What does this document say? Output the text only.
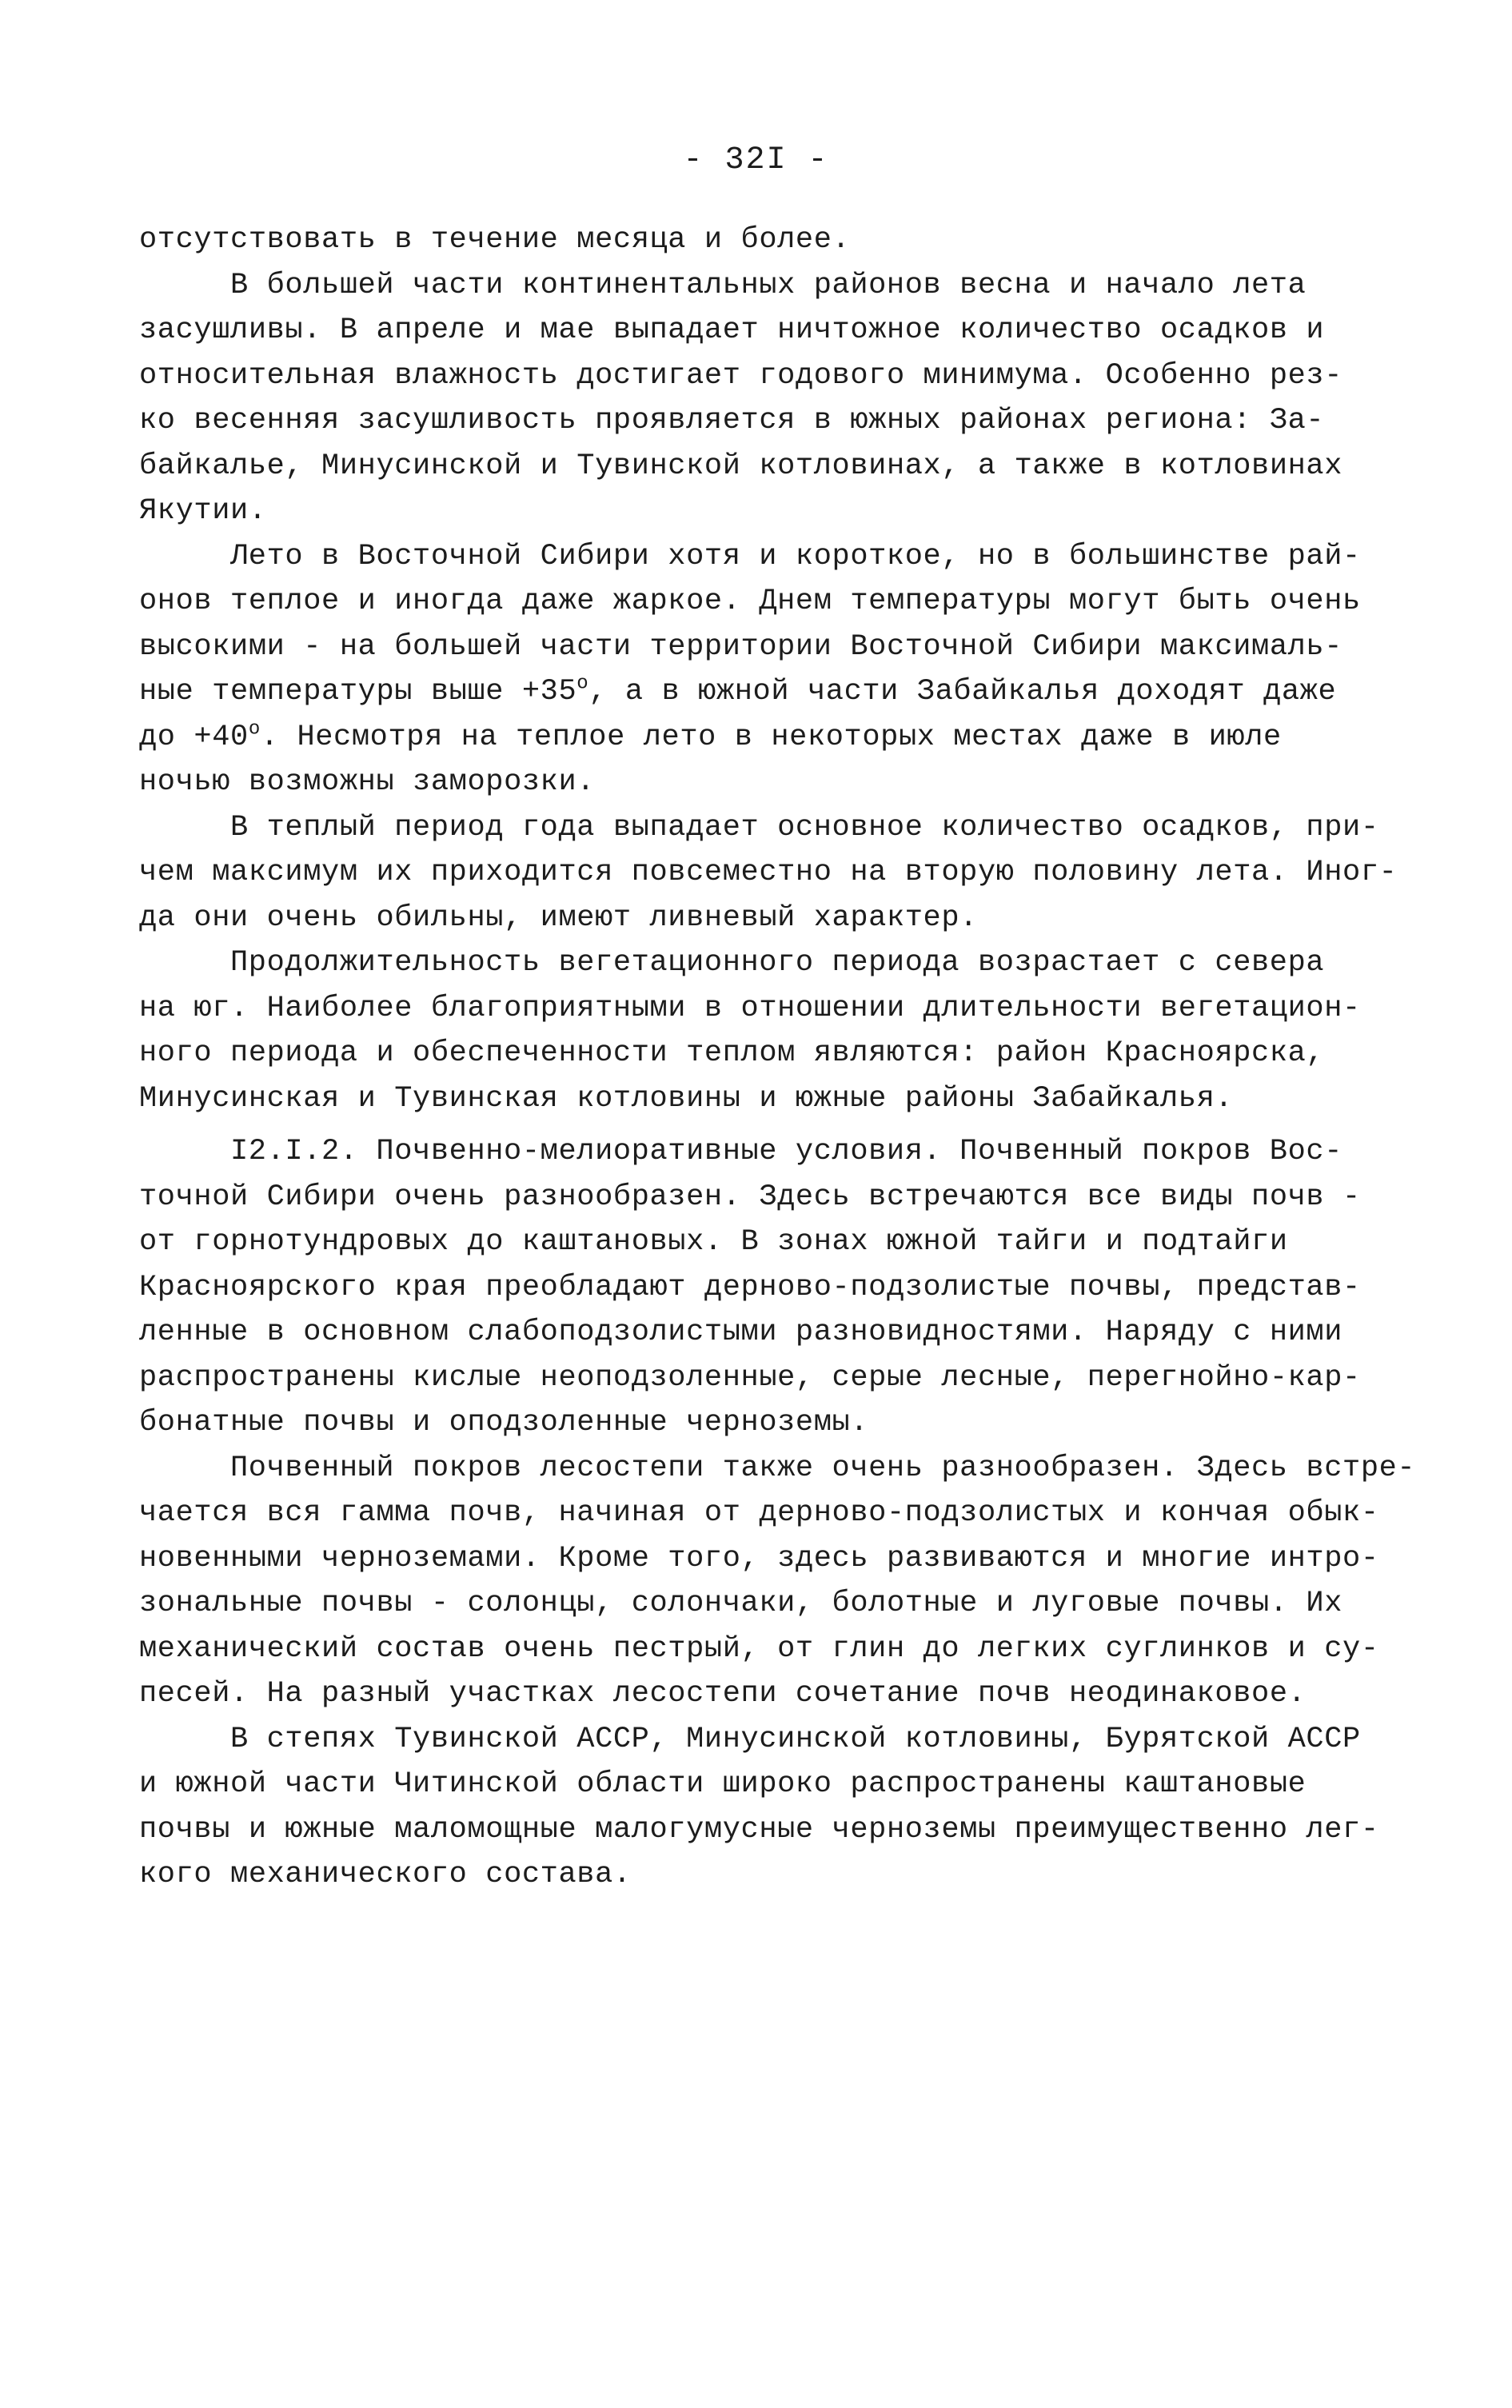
- 32I -
отсутствовать в течение месяца и более.
В большей части континентальных районов весна и начало лета
засушливы. В апреле и мае выпадает ничтожное количество осадков и
относительная влажность достигает годового минимума. Особенно рез-
ко весенняя засушливость проявляется в южных районах региона: За-
байкалье, Минусинской и Тувинской котловинах, а также в котловинах
Якутии.
Лето в Восточной Сибири хотя и короткое, но в большинстве рай-
онов теплое и иногда даже жаркое. Днем температуры могут быть очень
высокими - на большей части территории Восточной Сибири максималь-
ные температуры выше $+35^о$, а в южной части Забайкалья доходят даже
до $+40^о$. Несмотря на теплое лето в некоторых местах даже в июле
ночью возможны заморозки.
В теплый период года выпадает основное количество осадков, при-
чем максимум их приходится повсеместно на вторую половину лета. Иног-
да они очень обильны, имеют ливневый характер.
Продолжительность вегетационного периода возрастает с севера
на юг. Наиболее благоприятными в отношении длительности вегетацион-
ного периода и обеспеченности теплом являются: район Красноярска,
Минусинская и Тувинская котловины и южные районы Забайкалья.
I2.I.2. Почвенно-мелиоративные условия. Почвенный покров Вос-
точной Сибири очень разнообразен. Здесь встречаются все виды почв -
от горнотундровых до каштановых. В зонах южной тайги и подтайги
Красноярского края преобладают дерново-подзолистые почвы, представ-
ленные в основном слабоподзолистыми разновидностями. Наряду с ними
распространены кислые неоподзоленные, серые лесные, перегнойно-кар-
бонатные почвы и оподзоленные черноземы.
Почвенный покров лесостепи также очень разнообразен. Здесь встре-
чается вся гамма почв, начиная от дерново-подзолистых и кончая обык-
новенными черноземами. Кроме того, здесь развиваются и многие интро-
зональные почвы - солонцы, солончаки, болотные и луговые почвы. Их
механический состав очень пестрый, от глин до легких суглинков и су-
песей. На разный участках лесостепи сочетание почв неодинаковое.
В степях Тувинской АССР, Минусинской котловины, Бурятской АССР
и южной части Читинской области широко распространены каштановые
почвы и южные маломощные малогумусные черноземы преимущественно лег-
кого механического состава.
